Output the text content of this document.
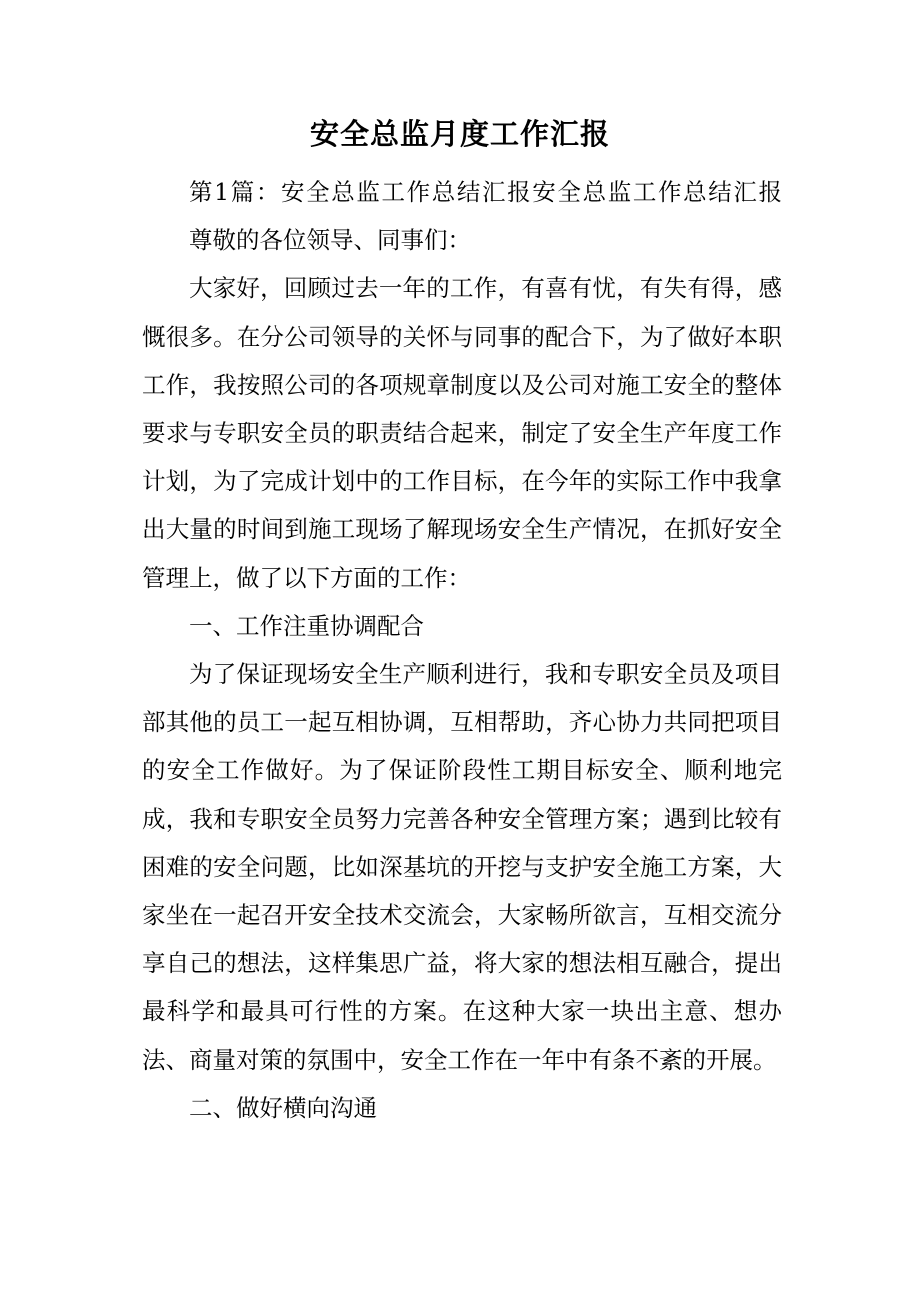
安全总监月度工作汇报

第1篇：安全总监工作总结汇报安全总监工作总结汇报

尊敬的各位领导、同事们：

大家好，回顾过去一年的工作，有喜有忧，有失有得，感慨很多。在分公司领导的关怀与同事的配合下，为了做好本职工作，我按照公司的各项规章制度以及公司对施工安全的整体要求与专职安全员的职责结合起来，制定了安全生产年度工作计划，为了完成计划中的工作目标，在今年的实际工作中我拿出大量的时间到施工现场了解现场安全生产情况，在抓好安全管理上，做了以下方面的工作：

一、工作注重协调配合

为了保证现场安全生产顺利进行，我和专职安全员及项目部其他的员工一起互相协调，互相帮助，齐心协力共同把项目的安全工作做好。为了保证阶段性工期目标安全、顺利地完成，我和专职安全员努力完善各种安全管理方案；遇到比较有困难的安全问题，比如深基坑的开挖与支护安全施工方案，大家坐在一起召开安全技术交流会，大家畅所欲言，互相交流分享自己的想法，这样集思广益，将大家的想法相互融合，提出最科学和最具可行性的方案。在这种大家一块出主意、想办法、商量对策的氛围中，安全工作在一年中有条不紊的开展。

二、做好横向沟通
